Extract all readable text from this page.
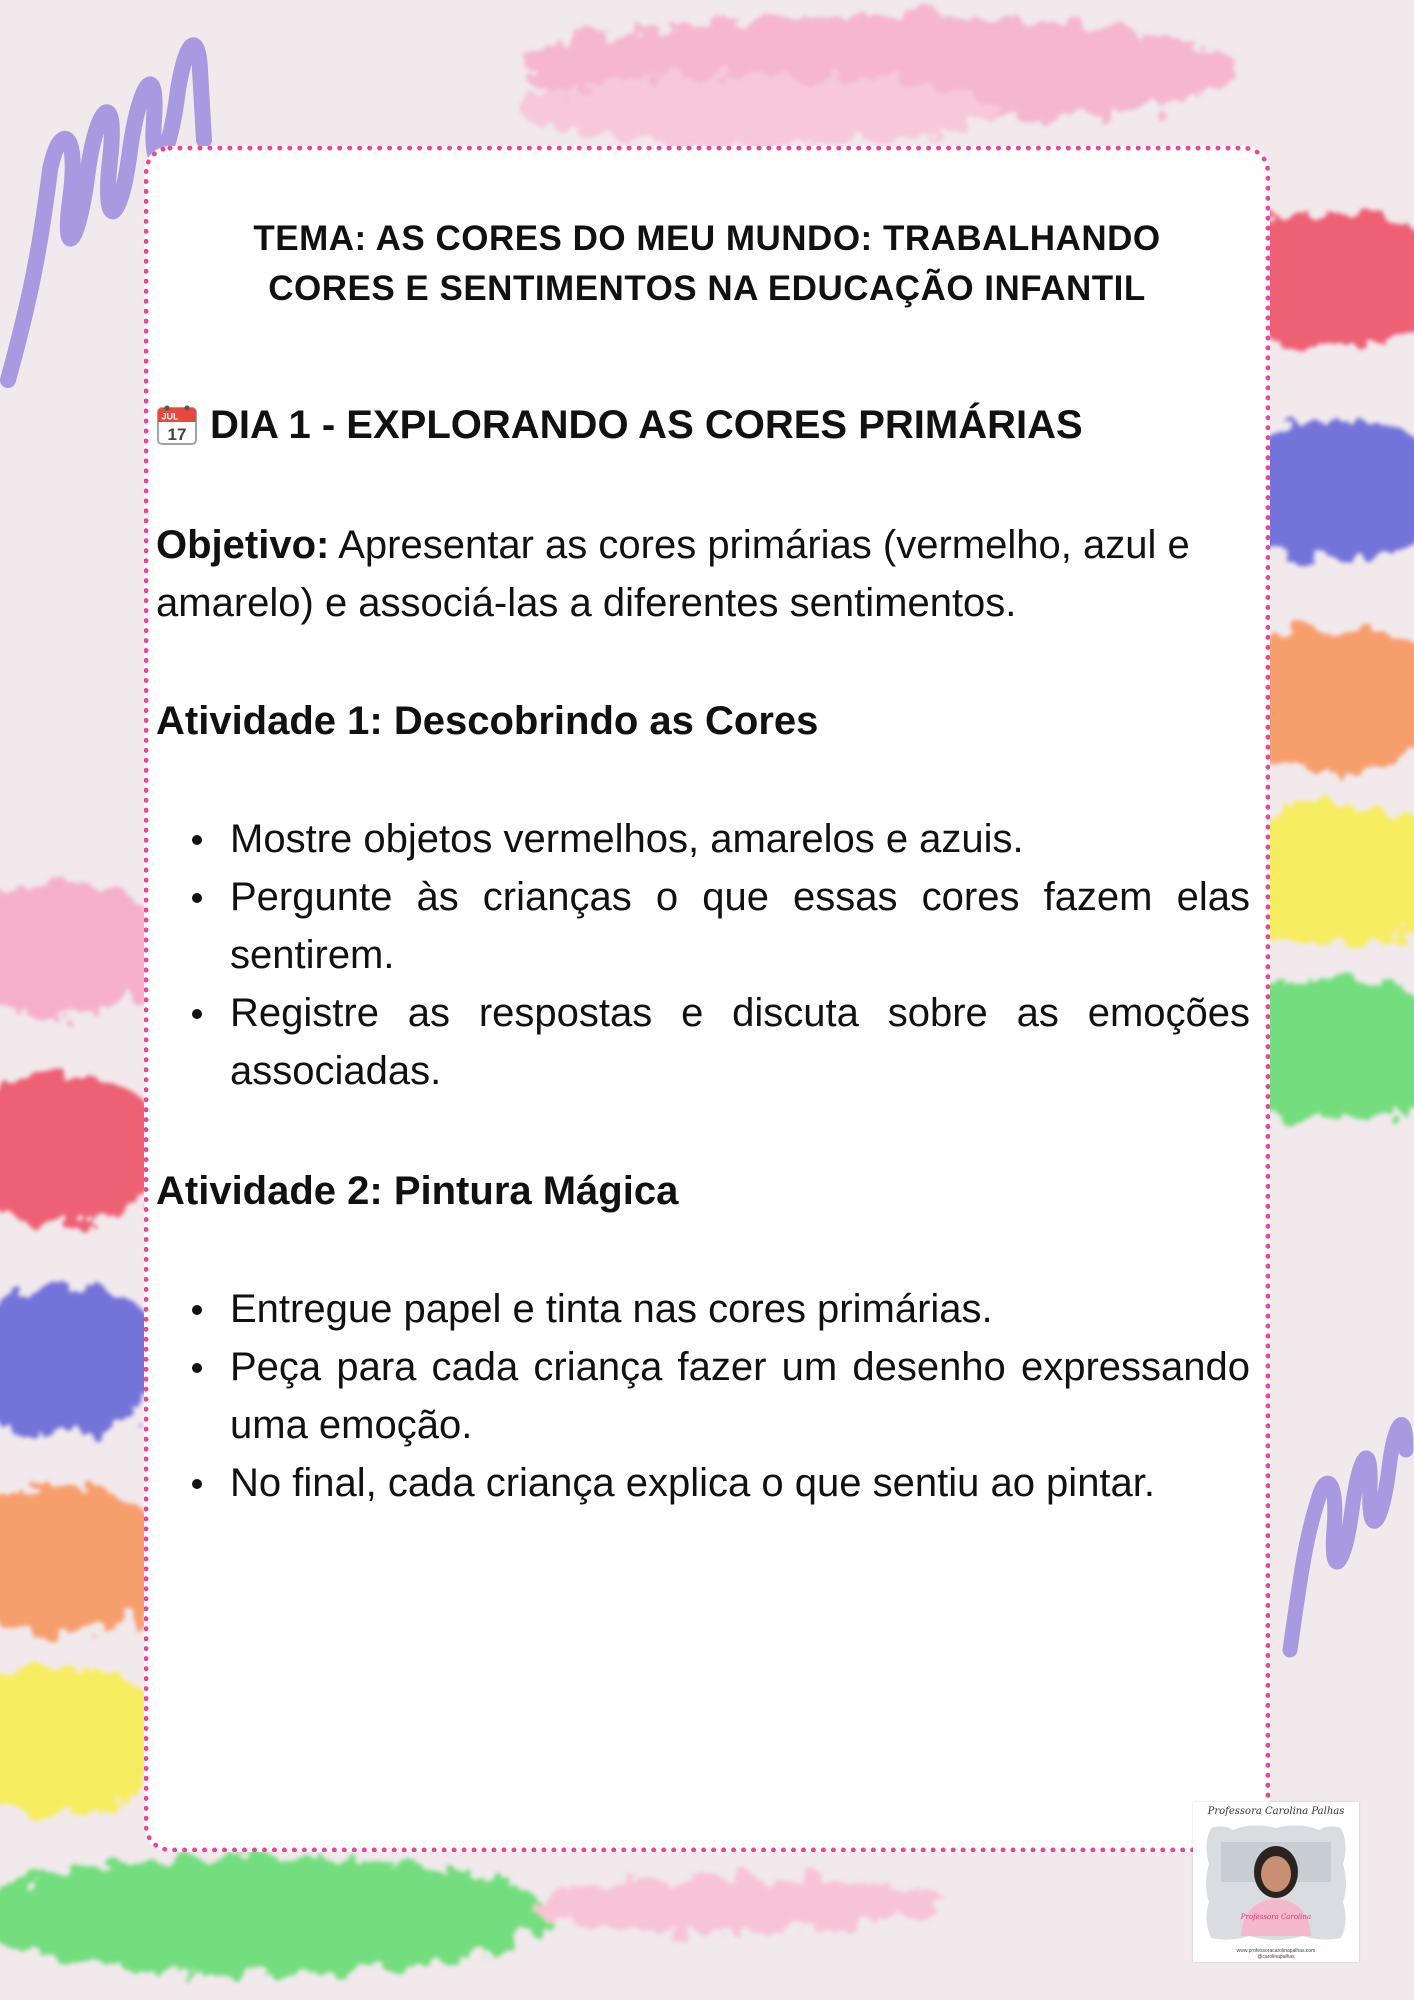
TEMA: AS CORES DO MEU MUNDO: TRABALHANDO
CORES E SENTIMENTOS NA EDUCAÇÃO INFANTIL
JUL
17 DIA 1 - EXPLORANDO AS CORES PRIMÁRIAS

Objetivo: Apresentar as cores primárias (vermelho, azul e amarelo) e associá-las a diferentes sentimentos.

Atividade 1: Descobrindo as Cores
Mostre objetos vermelhos, amarelos e azuis.
Pergunte às crianças o que essas cores fazem elas sentirem.
Registre as respostas e discuta sobre as emoções associadas.
Atividade 2: Pintura Mágica
Entregue papel e tinta nas cores primárias.
Peça para cada criança fazer um desenho expressando uma emoção.
No final, cada criança explica o que sentiu ao pintar.
Professora Carolina Palhas
Professora Carolina
www.professoracarolinapalhas.com
@carolinapalhas
